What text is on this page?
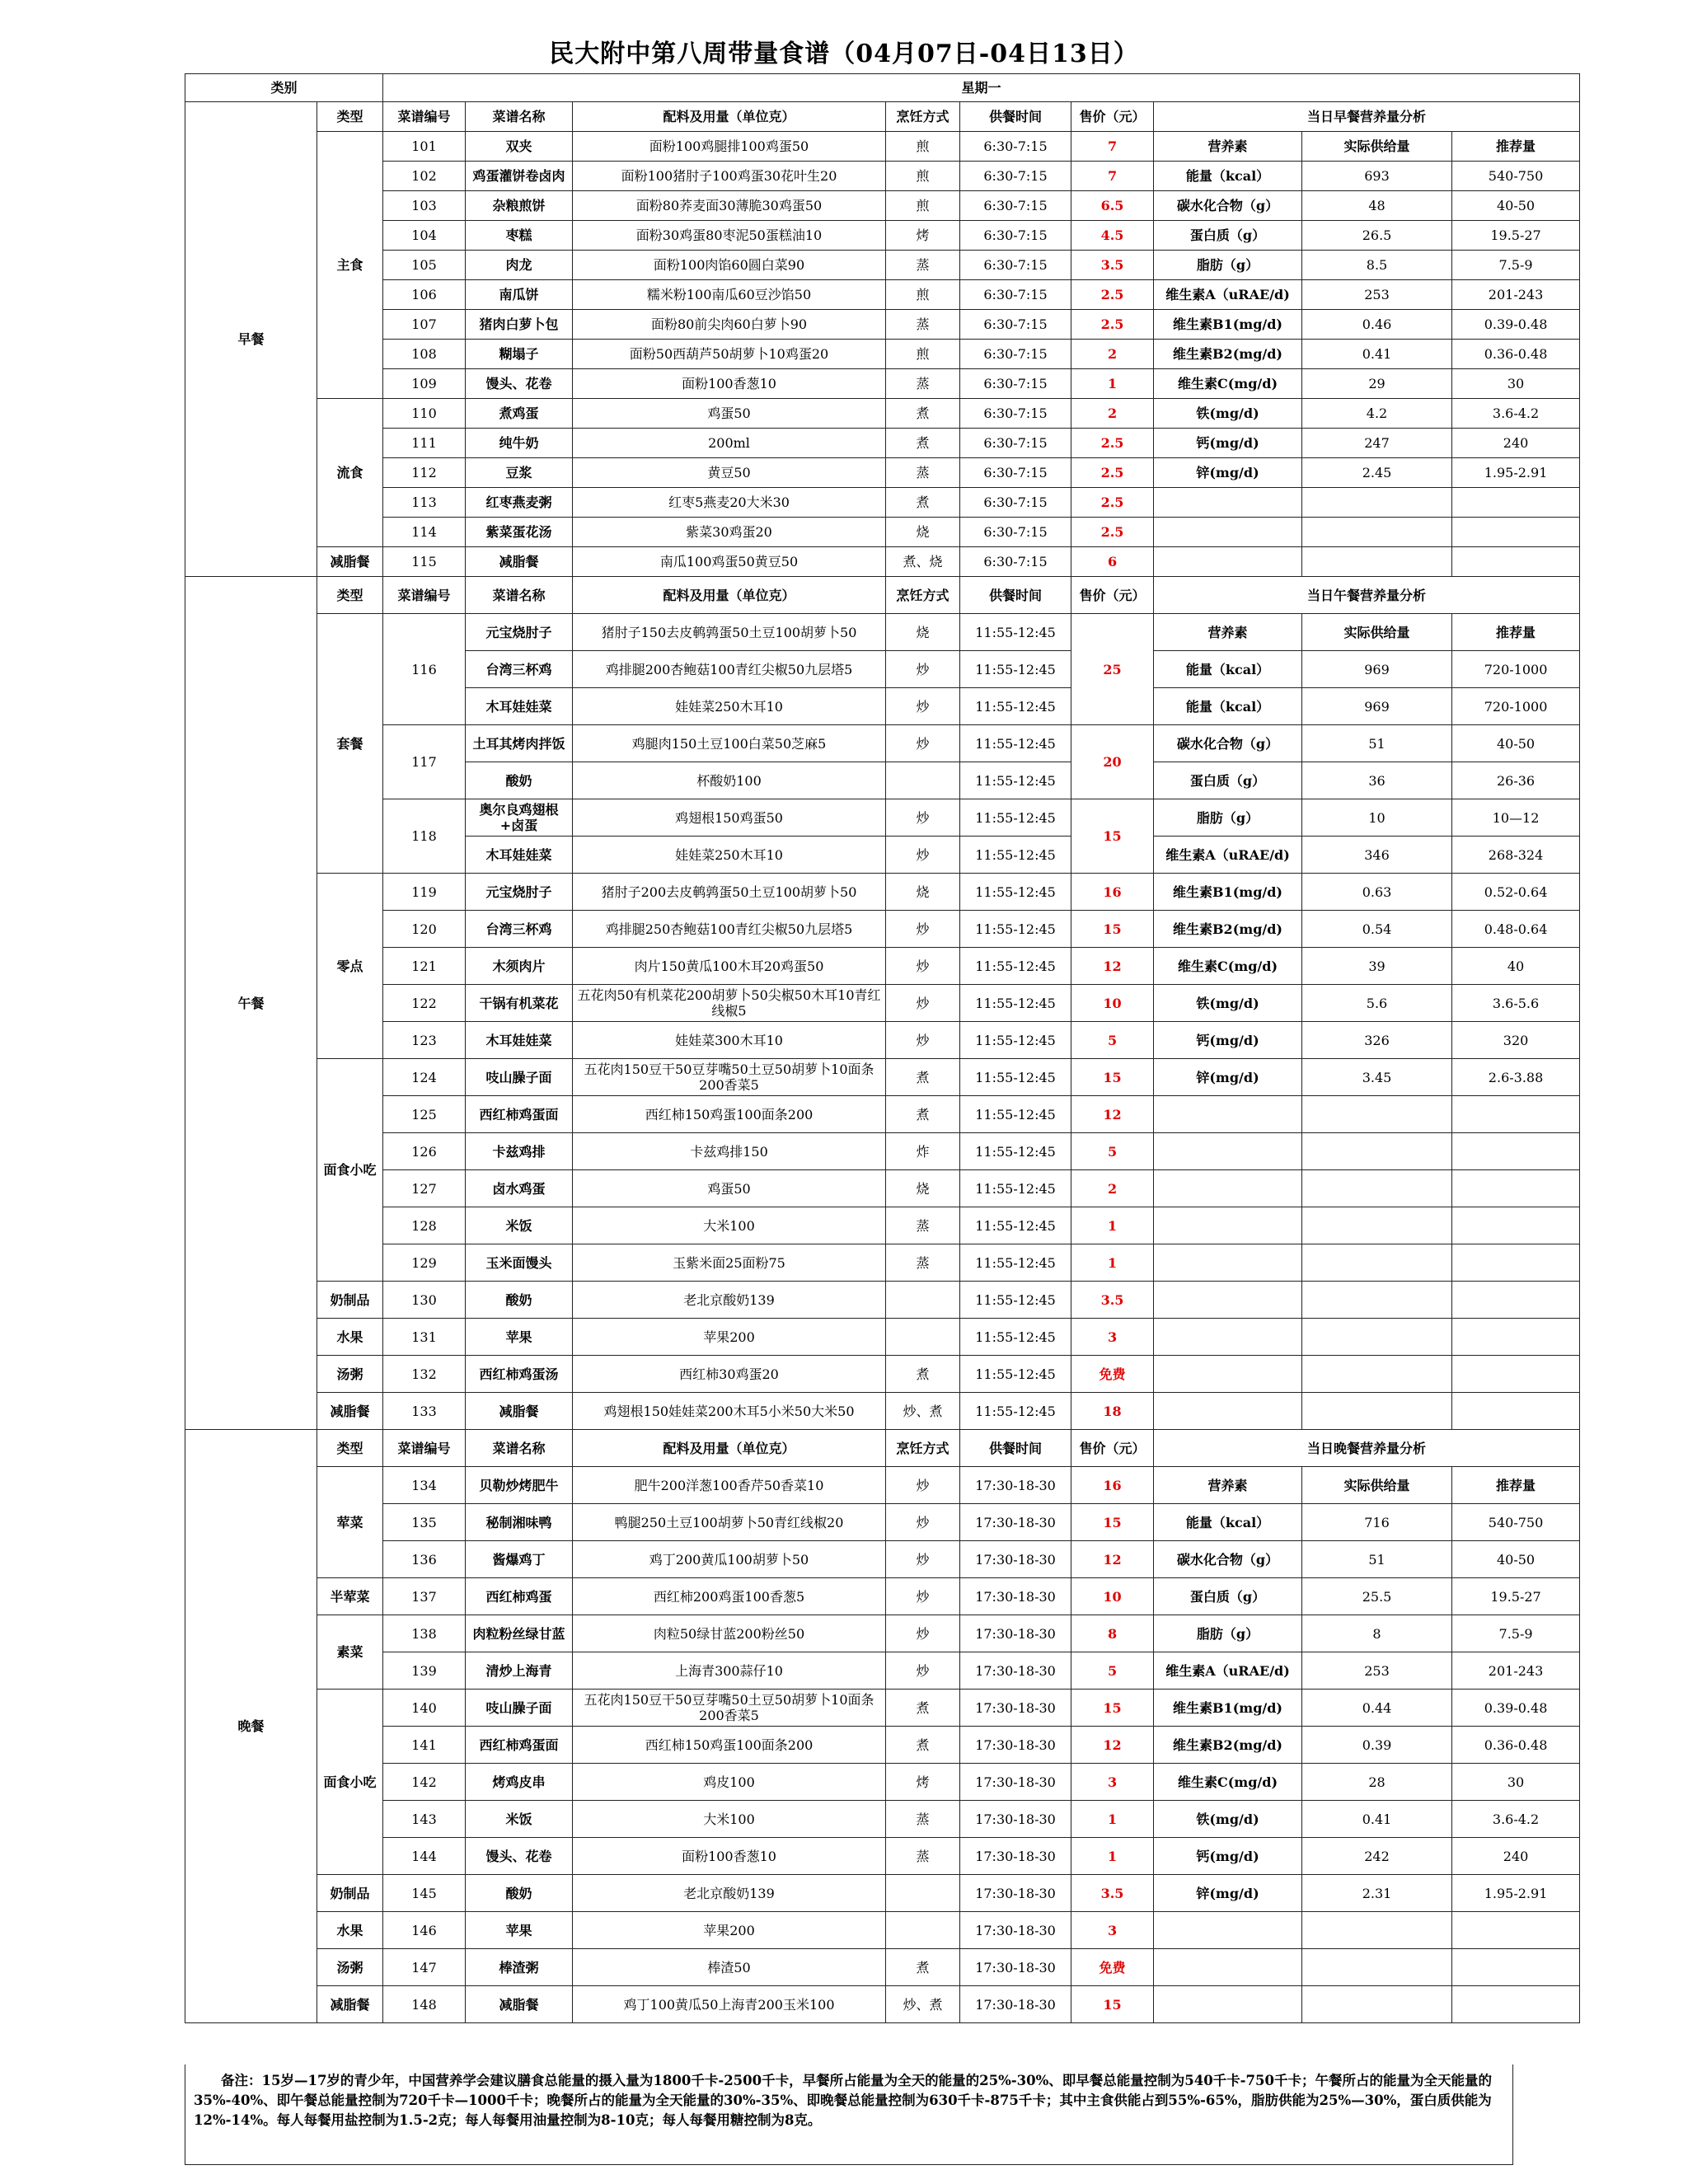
民大附中第八周带量食谱（04月07日-04日13日）
类别		星期一								
早餐	类型	菜谱编号	菜谱名称	配料及用量（单位克）	烹饪方式	供餐时间	售价（元）	当日早餐营养量分析		
	主食	101	双夹	面粉100鸡腿排100鸡蛋50	煎	6:30-7:15	7	营养素	实际供给量	推荐量
		102	鸡蛋灌饼卷卤肉	面粉100猪肘子100鸡蛋30花叶生20	煎	6:30-7:15	7	能量（kcal）	693	540-750
		103	杂粮煎饼	面粉80荞麦面30薄脆30鸡蛋50	煎	6:30-7:15	6.5	碳水化合物（g）	48	40-50
		104	枣糕	面粉30鸡蛋80枣泥50蛋糕油10	烤	6:30-7:15	4.5	蛋白质（g）	26.5	19.5-27
		105	肉龙	面粉100肉馅60圆白菜90	蒸	6:30-7:15	3.5	脂肪（g）	8.5	7.5-9
		106	南瓜饼	糯米粉100南瓜60豆沙馅50	煎	6:30-7:15	2.5	维生素A（uRAE/d)	253	201-243
		107	猪肉白萝卜包	面粉80前尖肉60白萝卜90	蒸	6:30-7:15	2.5	维生素B1(mg/d)	0.46	0.39-0.48
		108	糊塌子	面粉50西葫芦50胡萝卜10鸡蛋20	煎	6:30-7:15	2	维生素B2(mg/d)	0.41	0.36-0.48
		109	馒头、花卷	面粉100香葱10	蒸	6:30-7:15	1	维生素C(mg/d)	29	30
	流食	110	煮鸡蛋	鸡蛋50	煮	6:30-7:15	2	铁(mg/d)	4.2	3.6-4.2
		111	纯牛奶	200ml	煮	6:30-7:15	2.5	钙(mg/d)	247	240
		112	豆浆	黄豆50	蒸	6:30-7:15	2.5	锌(mg/d)	2.45	1.95-2.91
		113	红枣燕麦粥	红枣5燕麦20大米30	煮	6:30-7:15	2.5			
		114	紫菜蛋花汤	紫菜30鸡蛋20	烧	6:30-7:15	2.5			
	减脂餐	115	减脂餐	南瓜100鸡蛋50黄豆50	煮、烧	6:30-7:15	6			
午餐	类型	菜谱编号	菜谱名称	配料及用量（单位克）	烹饪方式	供餐时间	售价（元）	当日午餐营养量分析		
	套餐	116	元宝烧肘子	猪肘子150去皮鹌鹑蛋50土豆100胡萝卜50	烧	11:55-12:45	25	营养素	实际供给量	推荐量
			台湾三杯鸡	鸡排腿200杏鲍菇100青红尖椒50九层塔5	炒	11:55-12:45		能量（kcal）	969	720-1000
			木耳娃娃菜	娃娃菜250木耳10	炒	11:55-12:45		能量（kcal）	969	720-1000
		117	土耳其烤肉拌饭	鸡腿肉150土豆100白菜50芝麻5	炒	11:55-12:45	20	碳水化合物（g）	51	40-50
			酸奶	杯酸奶100		11:55-12:45		蛋白质（g）	36	26-36
		118	奥尔良鸡翅根+卤蛋	鸡翅根150鸡蛋50	炒	11:55-12:45	15	脂肪（g）	10	10—12
			木耳娃娃菜	娃娃菜250木耳10	炒	11:55-12:45		维生素A（uRAE/d)	346	268-324
	零点	119	元宝烧肘子	猪肘子200去皮鹌鹑蛋50土豆100胡萝卜50	烧	11:55-12:45	16	维生素B1(mg/d)	0.63	0.52-0.64
		120	台湾三杯鸡	鸡排腿250杏鲍菇100青红尖椒50九层塔5	炒	11:55-12:45	15	维生素B2(mg/d)	0.54	0.48-0.64
		121	木须肉片	肉片150黄瓜100木耳20鸡蛋50	炒	11:55-12:45	12	维生素C(mg/d)	39	40
		122	干锅有机菜花	五花肉50有机菜花200胡萝卜50尖椒50木耳10青红线椒5	炒	11:55-12:45	10	铁(mg/d)	5.6	3.6-5.6
		123	木耳娃娃菜	娃娃菜300木耳10	炒	11:55-12:45	5	钙(mg/d)	326	320
	面食小吃	124	吱山臊子面	五花肉150豆干50豆芽嘴50土豆50胡萝卜10面条200香菜5	煮	11:55-12:45	15	锌(mg/d)	3.45	2.6-3.88
		125	西红柿鸡蛋面	西红柿150鸡蛋100面条200	煮	11:55-12:45	12			
		126	卡兹鸡排	卡兹鸡排150	炸	11:55-12:45	5			
		127	卤水鸡蛋	鸡蛋50	烧	11:55-12:45	2			
		128	米饭	大米100	蒸	11:55-12:45	1			
		129	玉米面馒头	玉紫米面25面粉75	蒸	11:55-12:45	1			
	奶制品	130	酸奶	老北京酸奶139		11:55-12:45	3.5			
	水果	131	苹果	苹果200		11:55-12:45	3			
	汤粥	132	西红柿鸡蛋汤	西红柿30鸡蛋20	煮	11:55-12:45	免费			
	减脂餐	133	减脂餐	鸡翅根150娃娃菜200木耳5小米50大米50	炒、煮	11:55-12:45	18			
晚餐	类型	菜谱编号	菜谱名称	配料及用量（单位克）	烹饪方式	供餐时间	售价（元）	当日晚餐营养量分析		
	荤菜	134	贝勒炒烤肥牛	肥牛200洋葱100香芹50香菜10	炒	17:30-18-30	16	营养素	实际供给量	推荐量
		135	秘制湘味鸭	鸭腿250土豆100胡萝卜50青红线椒20	炒	17:30-18-30	15	能量（kcal）	716	540-750
		136	酱爆鸡丁	鸡丁200黄瓜100胡萝卜50	炒	17:30-18-30	12	碳水化合物（g）	51	40-50
	半荤菜	137	西红柿鸡蛋	西红柿200鸡蛋100香葱5	炒	17:30-18-30	10	蛋白质（g）	25.5	19.5-27
	素菜	138	肉粒粉丝绿甘蓝	肉粒50绿甘蓝200粉丝50	炒	17:30-18-30	8	脂肪（g）	8	7.5-9
		139	清炒上海青	上海青300蒜仔10	炒	17:30-18-30	5	维生素A（uRAE/d)	253	201-243
	面食小吃	140	吱山臊子面	五花肉150豆干50豆芽嘴50土豆50胡萝卜10面条200香菜5	煮	17:30-18-30	15	维生素B1(mg/d)	0.44	0.39-0.48
		141	西红柿鸡蛋面	西红柿150鸡蛋100面条200	煮	17:30-18-30	12	维生素B2(mg/d)	0.39	0.36-0.48
		142	烤鸡皮串	鸡皮100	烤	17:30-18-30	3	维生素C(mg/d)	28	30
		143	米饭	大米100	蒸	17:30-18-30	1	铁(mg/d)	0.41	3.6-4.2
		144	馒头、花卷	面粉100香葱10	蒸	17:30-18-30	1	钙(mg/d)	242	240
	奶制品	145	酸奶	老北京酸奶139		17:30-18-30	3.5	锌(mg/d)	2.31	1.95-2.91
	水果	146	苹果	苹果200		17:30-18-30	3			
	汤粥	147	棒渣粥	棒渣50	煮	17:30-18-30	免费			
	减脂餐	148	减脂餐	鸡丁100黄瓜50上海青200玉米100	炒、煮	17:30-18-30	15			
　　备注：15岁—17岁的青少年，中国营养学会建议膳食总能量的摄入量为1800千卡-2500千卡，早餐所占能量为全天的能量的25%-30%、即早餐总能量控制为540千卡-750千卡；午餐所占的能量为全天能量的35%-40%、即午餐总能量控制为720千卡—1000千卡；晚餐所占的能量为全天能量的30%-35%、即晚餐总能量控制为630千卡-875千卡；其中主食供能占到55%-65%，脂肪供能为25%—30%，蛋白质供能为12%-14%。每人每餐用盐控制为1.5-2克；每人每餐用油量控制为8-10克；每人每餐用糖控制为8克。
